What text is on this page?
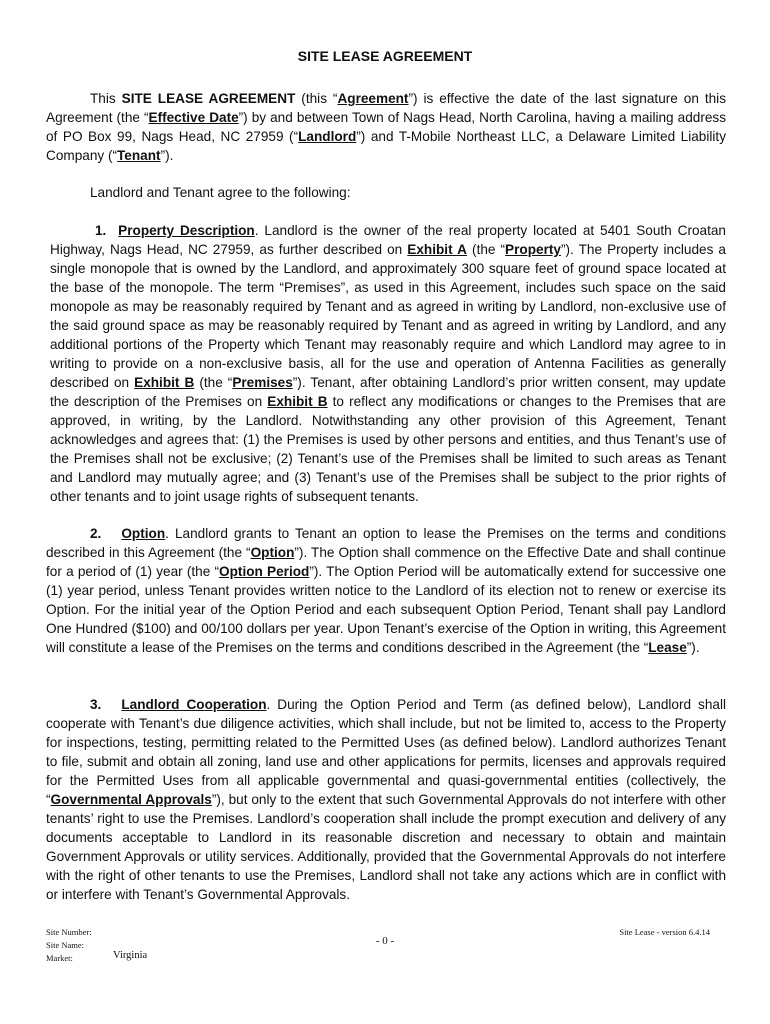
SITE LEASE AGREEMENT

This SITE LEASE AGREEMENT (this “Agreement”) is effective the date of the last signature on this Agreement (the “Effective Date”) by and between Town of Nags Head, North Carolina, having a mailing address of PO Box 99, Nags Head, NC 27959 (“Landlord”) and T-Mobile Northeast LLC, a Delaware Limited Liability Company (“Tenant”).

Landlord and Tenant agree to the following:

1. Property Description. Landlord is the owner of the real property located at 5401 South Croatan Highway, Nags Head, NC 27959, as further described on Exhibit A (the “Property”). The Property includes a single monopole that is owned by the Landlord, and approximately 300 square feet of ground space located at the base of the monopole. The term “Premises”, as used in this Agreement, includes such space on the said monopole as may be reasonably required by Tenant and as agreed in writing by Landlord, non-exclusive use of the said ground space as may be reasonably required by Tenant and as agreed in writing by Landlord, and any additional portions of the Property which Tenant may reasonably require and which Landlord may agree to in writing to provide on a non-exclusive basis, all for the use and operation of Antenna Facilities as generally described on Exhibit B (the “Premises”). Tenant, after obtaining Landlord’s prior written consent, may update the description of the Premises on Exhibit B to reflect any modifications or changes to the Premises that are approved, in writing, by the Landlord. Notwithstanding any other provision of this Agreement, Tenant acknowledges and agrees that: (1) the Premises is used by other persons and entities, and thus Tenant’s use of the Premises shall not be exclusive; (2) Tenant’s use of the Premises shall be limited to such areas as Tenant and Landlord may mutually agree; and (3) Tenant’s use of the Premises shall be subject to the prior rights of other tenants and to joint usage rights of subsequent tenants.

2. Option. Landlord grants to Tenant an option to lease the Premises on the terms and conditions described in this Agreement (the “Option”). The Option shall commence on the Effective Date and shall continue for a period of (1) year (the “Option Period”). The Option Period will be automatically extend for successive one (1) year period, unless Tenant provides written notice to the Landlord of its election not to renew or exercise its Option. For the initial year of the Option Period and each subsequent Option Period, Tenant shall pay Landlord One Hundred ($100) and 00/100 dollars per year. Upon Tenant’s exercise of the Option in writing, this Agreement will constitute a lease of the Premises on the terms and conditions described in the Agreement (the “Lease”).

3. Landlord Cooperation. During the Option Period and Term (as defined below), Landlord shall cooperate with Tenant’s due diligence activities, which shall include, but not be limited to, access to the Property for inspections, testing, permitting related to the Permitted Uses (as defined below). Landlord authorizes Tenant to file, submit and obtain all zoning, land use and other applications for permits, licenses and approvals required for the Permitted Uses from all applicable governmental and quasi-governmental entities (collectively, the “Governmental Approvals”), but only to the extent that such Governmental Approvals do not interfere with other tenants’ right to use the Premises. Landlord’s cooperation shall include the prompt execution and delivery of any documents acceptable to Landlord in its reasonable discretion and necessary to obtain and maintain Government Approvals or utility services. Additionally, provided that the Governmental Approvals do not interfere with the right of other tenants to use the Premises, Landlord shall not take any actions which are in conflict with or interfere with Tenant’s Governmental Approvals.

Site Number:
Site Name:
Market:	Virginia
- 0 -
Site Lease - version 6.4.14
